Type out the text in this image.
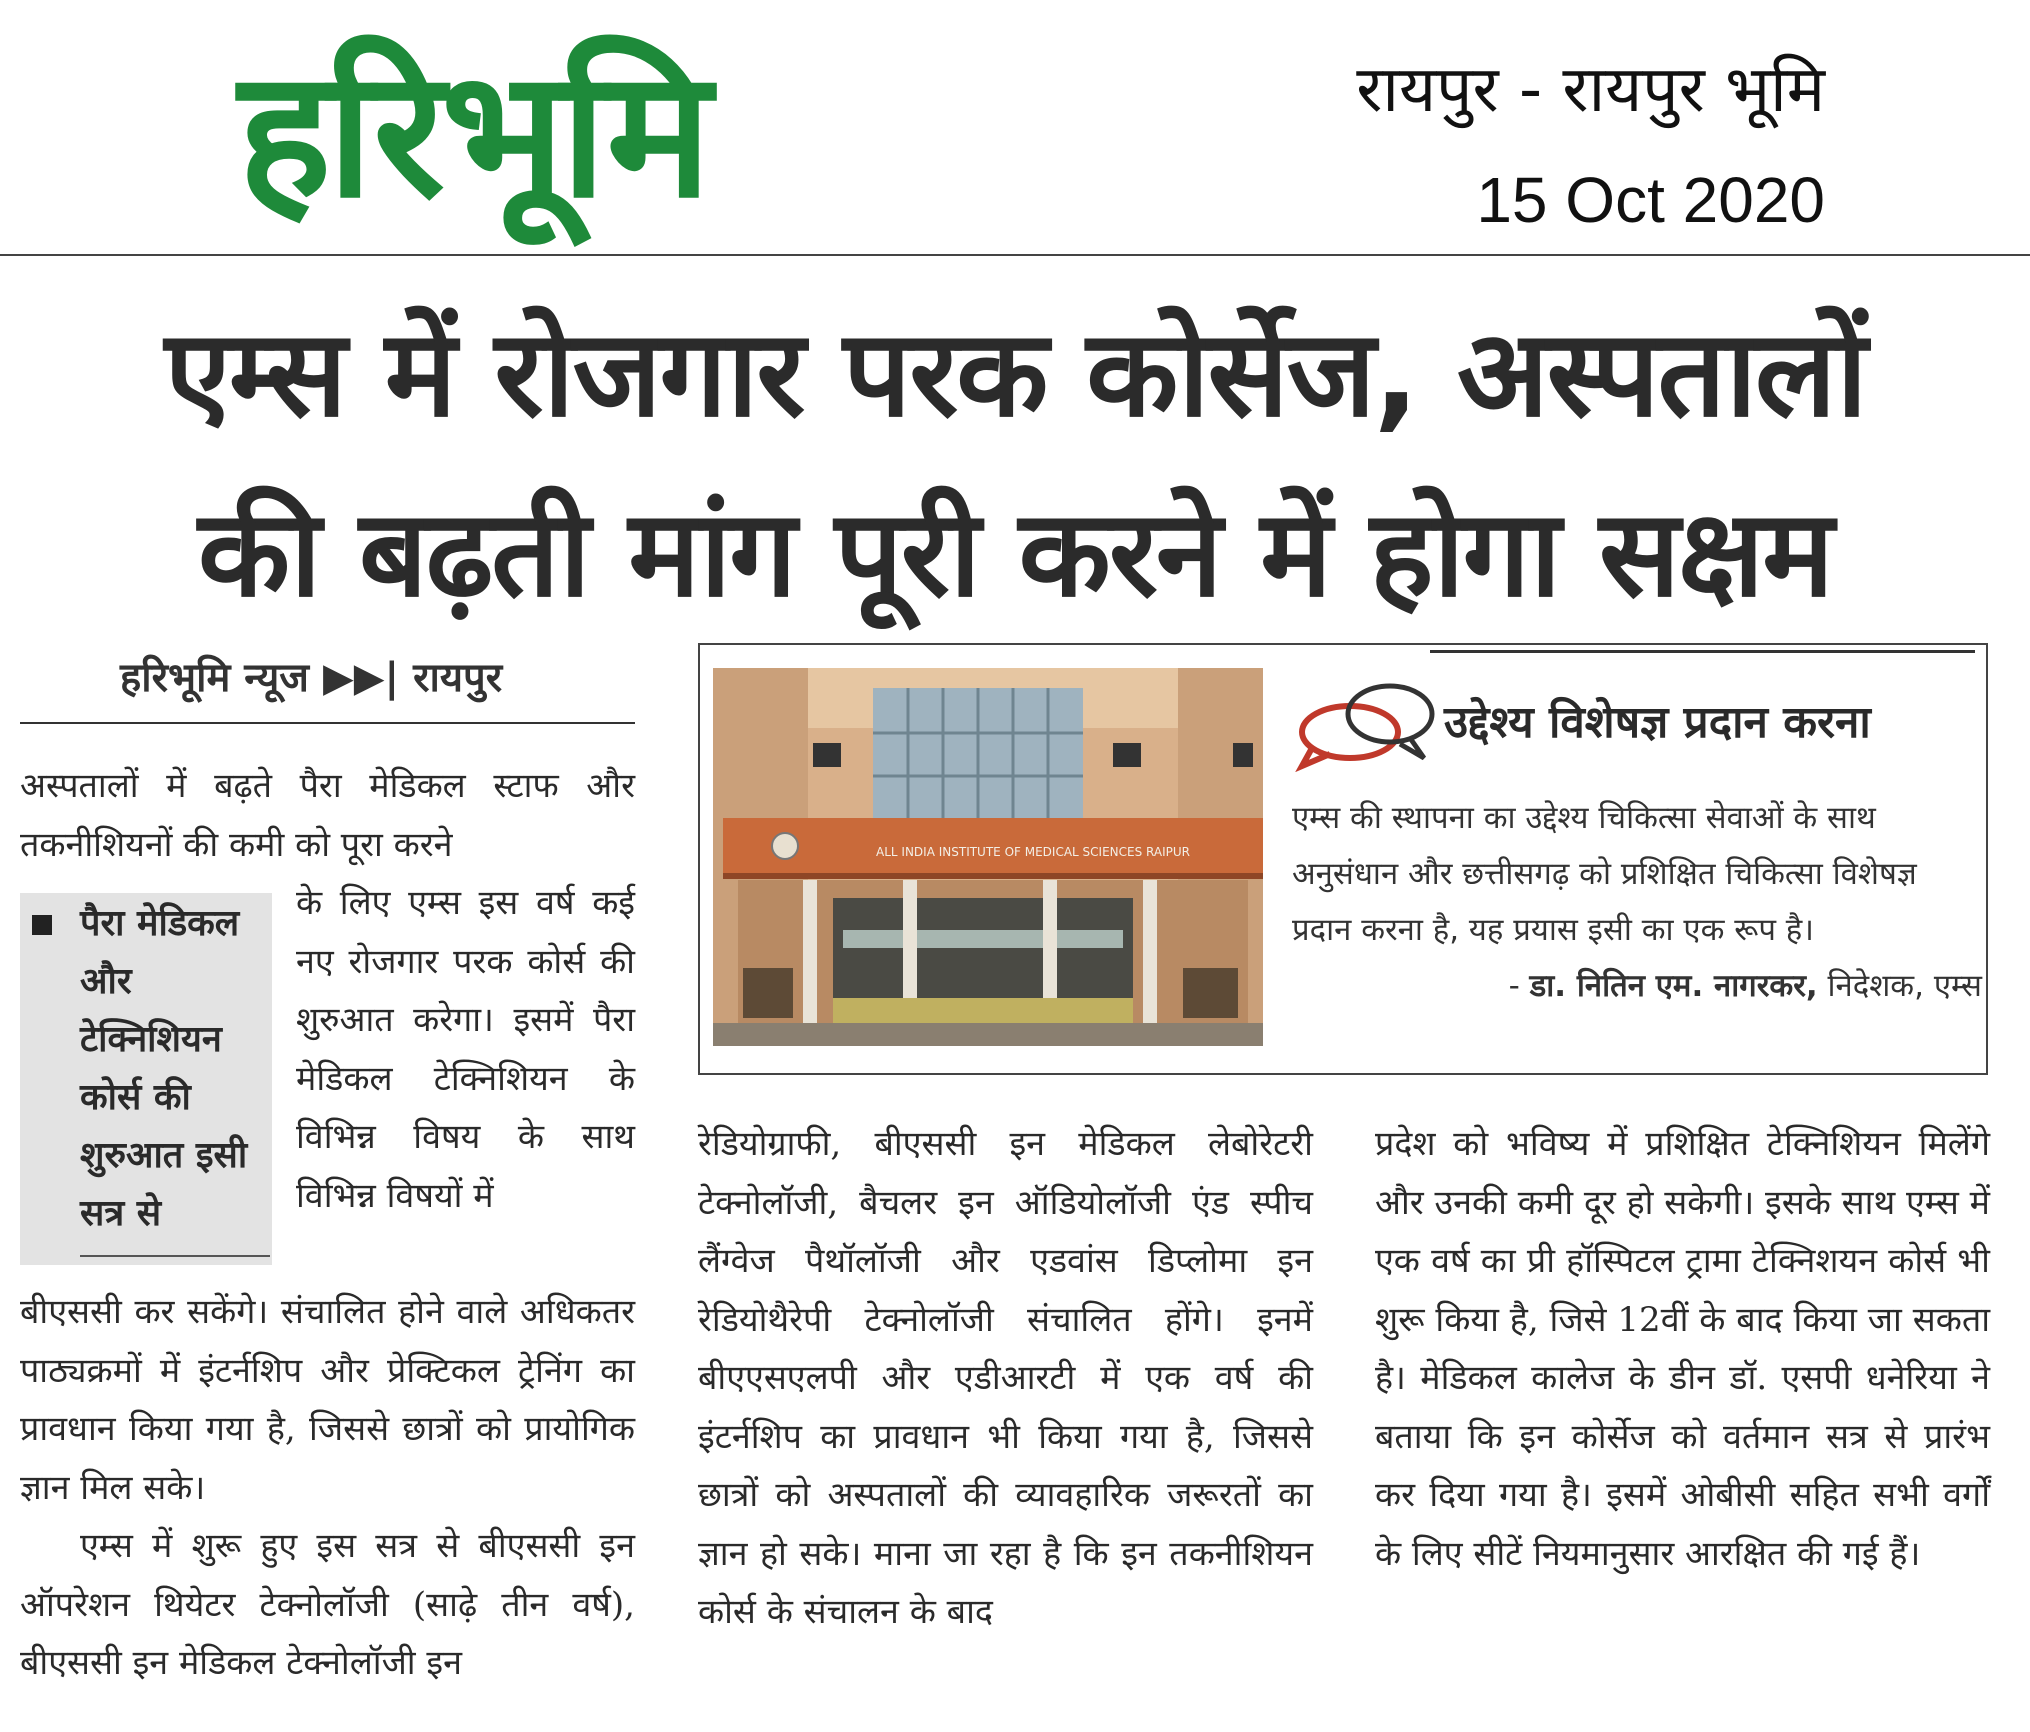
हरिभूमि	रायपुर - रायपुर भूमि
15 Oct 2020
एम्स में रोजगार परक कोर्सेज, अस्पतालों
की बढ़ती मांग पूरी करने में होगा सक्षम
हरिभूमि न्यूज ▶▶| रायपुर

अस्पतालों में बढ़ते पैरा मेडिकल स्टाफ और तकनीशियनों की कमी को पूरा करने

पैरा मेडिकल और टेक्निशियन कोर्स की शुरुआत इसी सत्र से

के लिए एम्स इस वर्ष कई नए रोजगार परक कोर्स की शुरुआत करेगा। इसमें पैरा मेडिकल टेक्निशियन के विभिन्न विषय के साथ विभिन्न विषयों में

बीएससी कर सकेंगे। संचालित होने वाले अधिकतर पाठ्यक्रमों में इंटर्नशिप और प्रेक्टिकल ट्रेनिंग का प्रावधान किया गया है, जिससे छात्रों को प्रायोगिक ज्ञान मिल सके।

एम्स में शुरू हुए इस सत्र से बीएससी इन ऑपरेशन थियेटर टेक्नोलॉजी (साढ़े तीन वर्ष), बीएससी इन मेडिकल टेक्नोलॉजी इन

रेडियोग्राफी, बीएससी इन मेडिकल लेबोरेटरी टेक्नोलॉजी, बैचलर इन ऑडियोलॉजी एंड स्पीच लैंग्वेज पैथॉलॉजी और एडवांस डिप्लोमा इन रेडियोथैरेपी टेक्नोलॉजी संचालित होंगे। इनमें बीएएसएलपी और एडीआरटी में एक वर्ष की इंटर्नशिप का प्रावधान भी किया गया है, जिससे छात्रों को अस्पतालों की व्यावहारिक जरूरतों का ज्ञान हो सके। माना जा रहा है कि इन तकनीशियन कोर्स के संचालन के बाद

प्रदेश को भविष्य में प्रशिक्षित टेक्निशियन मिलेंगे और उनकी कमी दूर हो सकेगी। इसके साथ एम्स में एक वर्ष का प्री हॉस्पिटल ट्रामा टेक्निशयन कोर्स भी शुरू किया है, जिसे 12वीं के बाद किया जा सकता है। मेडिकल कालेज के डीन डॉ. एसपी धनेरिया ने बताया कि इन कोर्सेज को वर्तमान सत्र से प्रारंभ कर दिया गया है। इसमें ओबीसी सहित सभी वर्गों के लिए सीटें नियमानुसार आरक्षित की गई हैं।

ALL INDIA INSTITUTE OF MEDICAL SCIENCES RAIPUR
उद्देश्य विशेषज्ञ प्रदान करना
एम्स की स्थापना का उद्देश्य चिकित्सा सेवाओं के साथ अनुसंधान और छत्तीसगढ़ को प्रशिक्षित चिकित्सा विशेषज्ञ प्रदान करना है, यह प्रयास इसी का एक रूप है।
- डा. नितिन एम. नागरकर, निदेशक, एम्स
